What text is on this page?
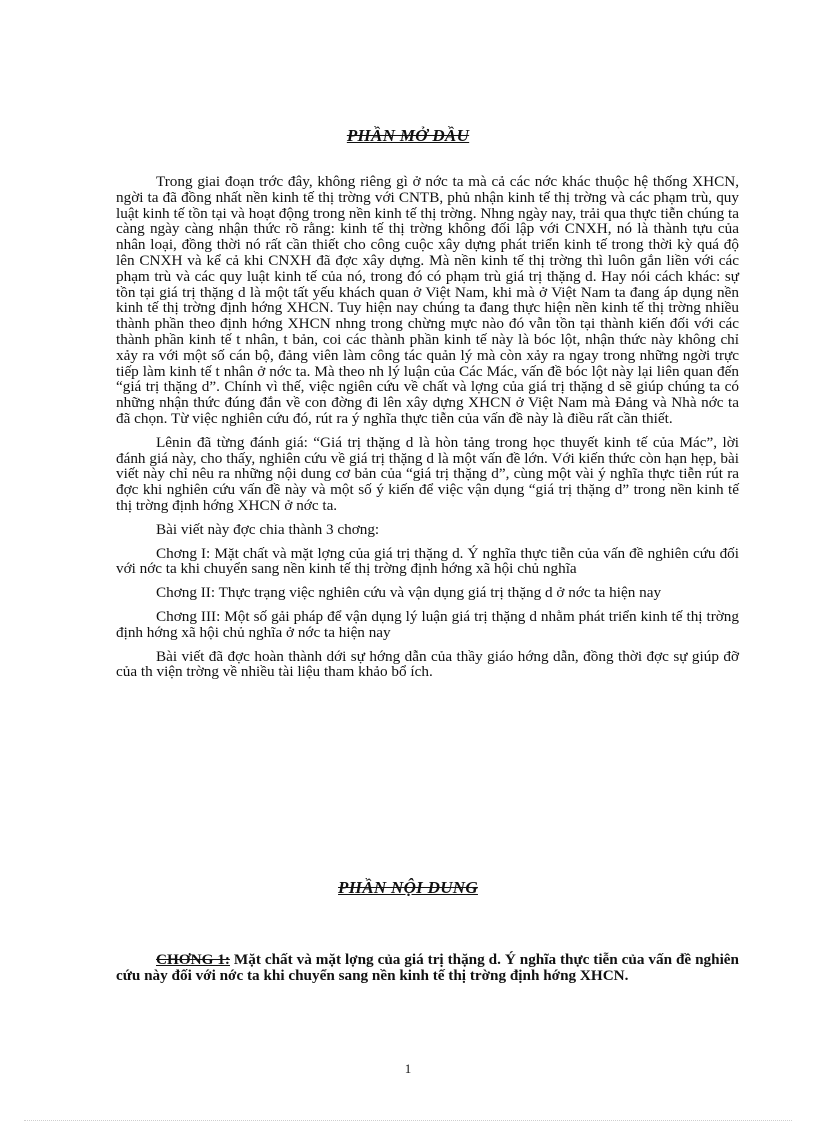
PHẦN MỞ ĐẦU

Trong giai đoạn trớc đây, không riêng gì ở nớc ta mà cả các nớc khác thuộc hệ thống XHCN, ngời ta đã đồng nhất nền kinh tế thị trờng với CNTB, phủ nhận kinh tế thị trờng và các phạm trù, quy luật kinh tế tồn tại và hoạt động trong nền kinh tế thị trờng. Nhng ngày nay, trải qua thực tiễn chúng ta càng ngày càng nhận thức rõ rằng: kinh tế thị trờng không đối lập với CNXH, nó là thành tựu của nhân loại, đồng thời nó rất cần thiết cho công cuộc xây dựng phát triển kinh tế trong thời kỳ quá độ lên CNXH và kể cả khi CNXH đã đợc xây dựng. Mà nền kinh tế thị trờng thì luôn gắn liền với các phạm trù và các quy luật kinh tế của nó, trong đó có phạm trù giá trị thặng d. Hay nói cách khác: sự tồn tại giá trị thặng d là một tất yếu khách quan ở Việt Nam, khi mà ở Việt Nam ta đang áp dụng nền kinh tế thị trờng định hớng XHCN. Tuy hiện nay chúng ta đang thực hiện nền kinh tế thị trờng nhiều thành phần theo định hớng XHCN nhng trong chừng mực nào đó vẫn tồn tại thành kiến đối với các thành phần kinh tế t nhân, t bản, coi các thành phần kinh tế này là bóc lột, nhận thức này không chỉ xảy ra với một số cán bộ, đảng viên làm công tác quản lý mà còn xảy ra ngay trong những ngời trực tiếp làm kinh tế t nhân ở nớc ta. Mà theo nh lý luận của Các Mác, vấn đề bóc lột này lại liên quan đến “giá trị thặng d”. Chính vì thế, việc ngiên cứu về chất và lợng của giá trị thặng d sẽ giúp chúng ta có những nhận thức đúng đắn về con đờng đi lên xây dựng XHCN ở Việt Nam mà Đảng và Nhà nớc ta đã chọn. Từ việc nghiên cứu đó, rút ra ý nghĩa thực tiễn của vấn đề này là điều rất cần thiết.

Lênin đã từng đánh giá: “Giá trị thặng d là hòn tảng trong học thuyết kinh tế của Mác”, lời đánh giá này, cho thấy, nghiên cứu về giá trị thặng d là một vấn đề lớn. Với kiến thức còn hạn hẹp, bài viết này chỉ nêu ra những nội dung cơ bản của “giá trị thặng d”, cùng một vài ý nghĩa thực tiễn rút ra đợc khi nghiên cứu vấn đề này và một số ý kiến để việc vận dụng “giá trị thặng d” trong nền kinh tế thị trờng định hớng XHCN ở nớc ta.

Bài viết này đợc chia thành 3 chơng:

Chơng I: Mặt chất và mặt lợng của giá trị thặng d. Ý nghĩa thực tiễn của vấn đề nghiên cứu đối với nớc ta khi chuyển sang nền kinh tế thị trờng định hớng xã hội chủ nghĩa

Chơng II: Thực trạng việc nghiên cứu và vận dụng giá trị thặng d ở nớc ta hiện nay

Chơng III: Một số gải pháp để vận dụng lý luận giá trị thặng d nhằm phát triển kinh tế thị trờng định hớng xã hội chủ nghĩa ở nớc ta hiện nay

Bài viết đã đợc hoàn thành dới sự hớng dẫn của thầy giáo hớng dẫn, đồng thời đợc sự giúp đỡ của th viện trờng về nhiều tài liệu tham khảo bổ ích.

PHẦN NỘI DUNG
CHƠNG 1: Mặt chất và mặt lợng của giá trị thặng d. Ý nghĩa thực tiễn của vấn đề nghiên cứu này đối với nớc ta khi chuyển sang nền kinh tế thị trờng định hớng XHCN.
1
